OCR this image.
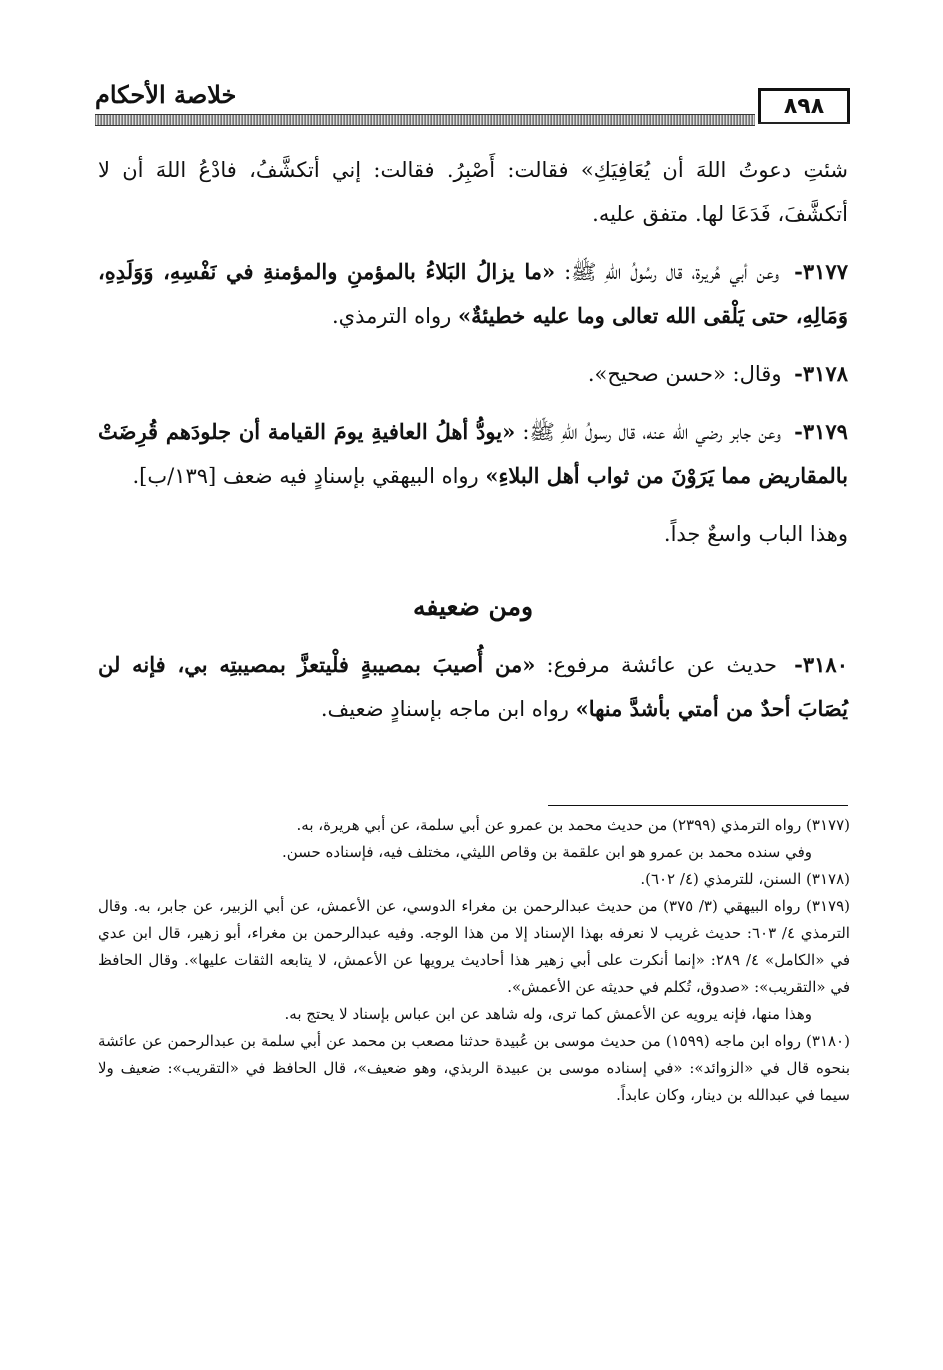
خلاصة الأحكام	٨٩٨

شئتِ دعوتُ اللهَ أن يُعَافِيَكِ» فقالت: أَصْبِرُ. فقالت: إني أتكشَّفُ، فادْعُ اللهَ أن لا أتكشَّفَ، فَدَعَا لها. متفق عليه.

٣١٧٧- وعن أبي هُريرة، قال رسُولُ اللهِ ﷺ: «ما يزالُ البَلاءُ بالمؤمنِ والمؤمنةِ في نَفْسِهِ، وَوَلَدِهِ، وَمَالِهِ، حتى يَلْقى الله تعالى وما عليه خطيئةٌ» رواه الترمذي.

٣١٧٨- وقال: «حسن صحيح».

٣١٧٩- وعن جابر رضي الله عنه، قال رسولُ اللهِ ﷺ: «يودُّ أهلُ العافيةِ يومَ القيامة أن جلودَهم قُرِضَتْ بالمقاريض مما يَرَوْنَ من ثواب أهل البلاءِ» رواه البيهقي بإسنادٍ فيه ضعف [١٣٩/ب].

وهذا الباب واسعٌ جداً.

ومن ضعيفه

٣١٨٠- حديث عن عائشة مرفوع: «من أُصيبَ بمصيبةٍ فلْيتعزَّ بمصيبتِه بي، فإنه لن يُصَابَ أحدٌ من أمتي بأشدَّ منها» رواه ابن ماجه بإسنادٍ ضعيف.

(٣١٧٧) رواه الترمذي (٢٣٩٩) من حديث محمد بن عمرو عن أبي سلمة، عن أبي هريرة، به.

وفي سنده محمد بن عمرو هو ابن علقمة بن وقاص الليثي، مختلف فيه، فإسناده حسن.

(٣١٧٨) السنن، للترمذي (٤/ ٦٠٢).

(٣١٧٩) رواه البيهقي (٣/ ٣٧٥) من حديث عبدالرحمن بن مغراء الدوسي، عن الأعمش، عن أبي الزبير، عن جابر، به. وقال الترمذي ٤/ ٦٠٣: حديث غريب لا نعرفه بهذا الإسناد إلا من هذا الوجه. وفيه عبدالرحمن بن مغراء، أبو زهير، قال ابن عدي في «الكامل» ٤/ ٢٨٩: «إنما أنكرت على أبي زهير هذا أحاديث يرويها عن الأعمش، لا يتابعه الثقات عليها». وقال الحافظ في «التقريب»: «صدوق، تُكلم في حديثه عن الأعمش».

وهذا منها، فإنه يرويه عن الأعمش كما ترى، وله شاهد عن ابن عباس بإسناد لا يحتج به.

(٣١٨٠) رواه ابن ماجه (١٥٩٩) من حديث موسى بن عُبيدة حدثنا مصعب بن محمد عن أبي سلمة بن عبدالرحمن عن عائشة بنحوه قال في «الزوائد»: «في إسناده موسى بن عبيدة الربذي، وهو ضعيف»، قال الحافظ في «التقريب»: ضعيف ولا سيما في عبدالله بن دينار، وكان عابداً.
